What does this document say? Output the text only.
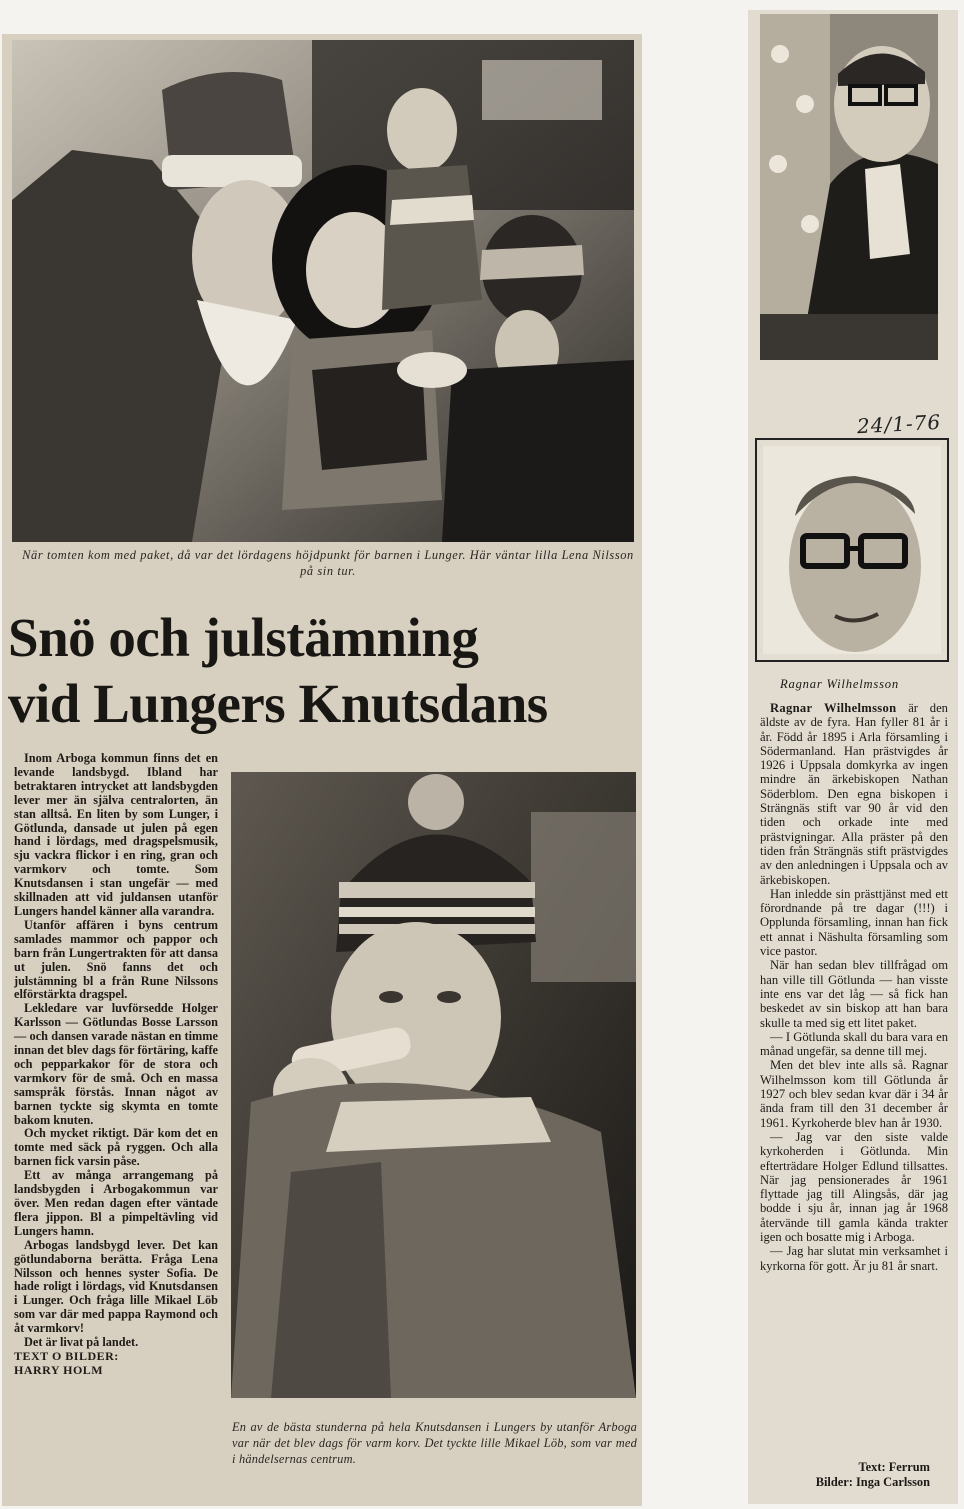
När tomten kom med paket, då var det lördagens höjdpunkt för barnen i Lunger. Här väntar lilla Lena Nilsson på sin tur.
Snö och julstämning
vid Lungers Knutsdans

Inom Arboga kommun finns det en levande landsbygd. Ibland har betraktaren intrycket att landsbygden lever mer än själva centralorten, än stan alltså. En liten by som Lunger, i Götlunda, dansade ut julen på egen hand i lördags, med dragspelsmusik, sju vackra flickor i en ring, gran och varmkorv och tomte. Som Knutsdansen i stan ungefär — med skillnaden att vid juldansen utanför Lungers handel känner alla varandra.

Utanför affären i byns centrum samlades mammor och pappor och barn från Lungertrakten för att dansa ut julen. Snö fanns det och julstämning bl a från Rune Nilssons elförstärkta dragspel.

Lekledare var luvförsedde Holger Karlsson — Götlundas Bosse Larsson — och dansen varade nästan en timme innan det blev dags för förtäring, kaffe och pepparkakor för de stora och varmkorv för de små. Och en massa samspråk förstås. Innan något av barnen tyckte sig skymta en tomte bakom knuten.

Och mycket riktigt. Där kom det en tomte med säck på ryggen. Och alla barnen fick varsin påse.

Ett av många arrangemang på landsbygden i Arbogakommun var över. Men redan dagen efter väntade flera jippon. Bl a pimpeltävling vid Lungers hamn.

Arbogas landsbygd lever. Det kan götlundaborna berätta. Fråga Lena Nilsson och hennes syster Sofia. De hade roligt i lördags, vid Knutsdansen i Lunger. Och fråga lille Mikael Löb som var där med pappa Raymond och åt varmkorv!

Det är livat på landet.

TEXT O BILDER:

HARRY HOLM

En av de bästa stunderna på hela Knutsdansen i Lungers by utanför Arboga var när det blev dags för varm korv. Det tyckte lille Mikael Löb, som var med i händelsernas centrum.
24/1-76
Ragnar Wilhelmsson

Ragnar Wilhelmsson är den äldste av de fyra. Han fyller 81 år i år. Född år 1895 i Arla församling i Södermanland. Han prästvigdes år 1926 i Uppsala domkyrka av ingen mindre än ärkebiskopen Nathan Söderblom. Den egna biskopen i Strängnäs stift var 90 år vid den tiden och orkade inte med prästvigningar. Alla präster på den tiden från Strängnäs stift prästvigdes av den anledningen i Uppsala och av ärkebiskopen.

Han inledde sin prästtjänst med ett förordnande på tre dagar (!!!) i Opplunda församling, innan han fick ett annat i Näshulta församling som vice pastor.

När han sedan blev tillfrågad om han ville till Götlunda — han visste inte ens var det låg — så fick han beskedet av sin biskop att han bara skulle ta med sig ett litet paket.

— I Götlunda skall du bara vara en månad ungefär, sa denne till mej.

Men det blev inte alls så. Ragnar Wilhelmsson kom till Götlunda år 1927 och blev sedan kvar där i 34 år ända fram till den 31 december år 1961. Kyrkoherde blev han år 1930.

— Jag var den siste valde kyrkoherden i Götlunda. Min efterträdare Holger Edlund tillsattes. När jag pensionerades år 1961 flyttade jag till Alingsås, där jag bodde i sju år, innan jag år 1968 återvände till gamla kända trakter igen och bosatte mig i Arboga.

— Jag har slutat min verksamhet i kyrkorna för gott. Är ju 81 år snart.

Text: Ferrum
Bilder: Inga Carlsson
